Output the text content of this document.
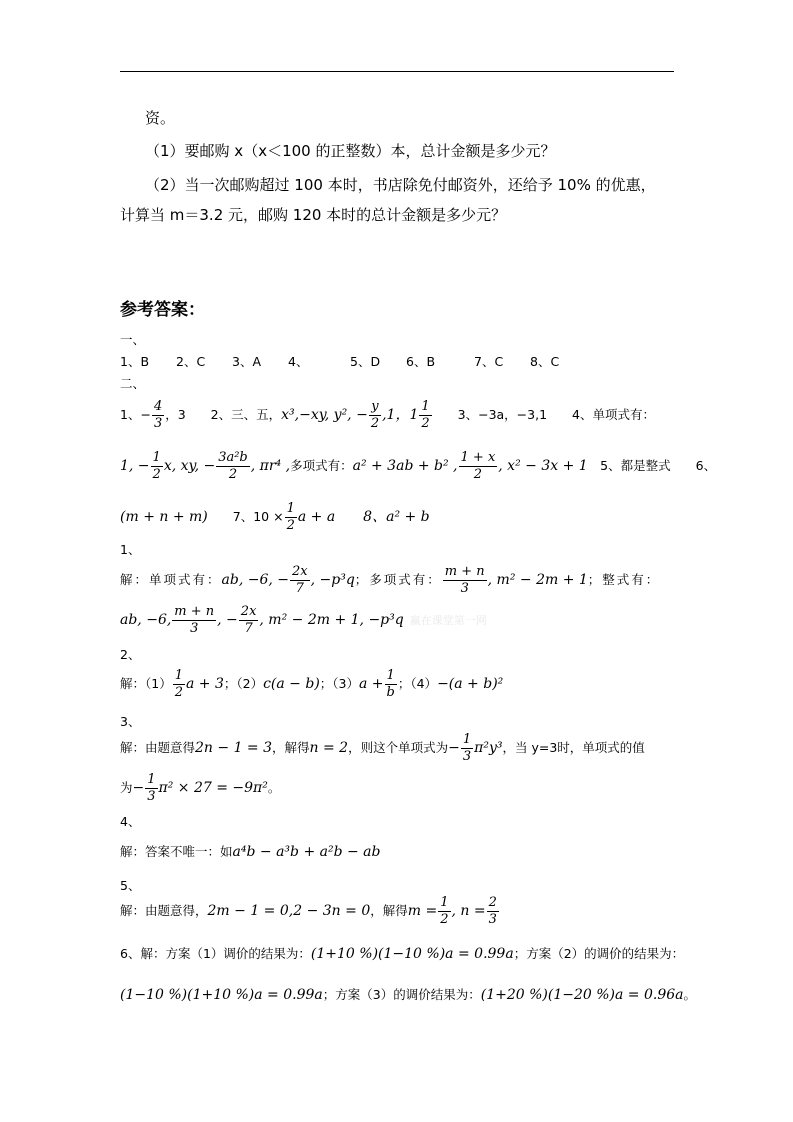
资。
（1）要邮购 x（x＜100 的正整数）本，总计金额是多少元？
（2）当一次邮购超过 100 本时，书店除免付邮资外，还给予 10% 的优惠，
计算当 m＝3.2 元，邮购 120 本时的总计金额是多少元？
参考答案：
一、
1、B 2、C 3、A 4、	5、D 6、B	7、C 8、C
二、
1、− $\frac{4}{3}$ ，3　　2、三、五，x³,−xy, y², − $\frac{y}{2} ,1$，$1 \frac{1}{2}$ 　　3、−3a，−3,1　　4、单项式有：
1, − $\frac{1}{2} x$, xy, − $\frac{\text{3a²b}}{2}$ , πr⁴ ,多项式有：a² + 3ab + b² , $\frac{1 + x}{2}$ , x² − 3x + 1　5、都是整式　　6、
(m + n + m)　　7、$10 \times \frac{1}{2}$ a + a　　8、a² + b
1、
解：单项式有：ab, −6, − $\frac{2x}{7}$ , −p³q；多项式有： $\frac{m + n}{3}$ , m² − 2m + 1；整式有：
ab, −6, $\frac{m + n}{3}$ , − $\frac{2x}{7}$ , m² − 2m + 1, −p³q 赢在课堂第一网
2、
解：$(1) \frac{1}{2}$ a + 3；（2）c(a − b)；$(3)a + \frac{1}{b}$ ；（4）−(a + b)²
3、
解：由题意得2n − 1 = 3，解得n = 2，则这个单项式为− $\frac{1}{3} \pi^2y^3$，当 y=3时，单项式的值
为− $\frac{1}{3} \pi^2 \times 27 = -9\pi^2$。
4、
解：答案不唯一：如a⁴b − a³b + a²b − ab
5、
解：由题意得，2m − 1 = 0,2 − 3n = 0，解得$m = \frac{1}{2}$ , $n = \frac{2}{3}$
6、解：方案（1）调价的结果为：(1+10 %)(1−10 %)a = 0.99a；方案（2）的调价的结果为：
(1−10 %)(1+10 %)a = 0.99a；方案（3）的调价结果为：(1+20 %)(1−20 %)a = 0.96a。
